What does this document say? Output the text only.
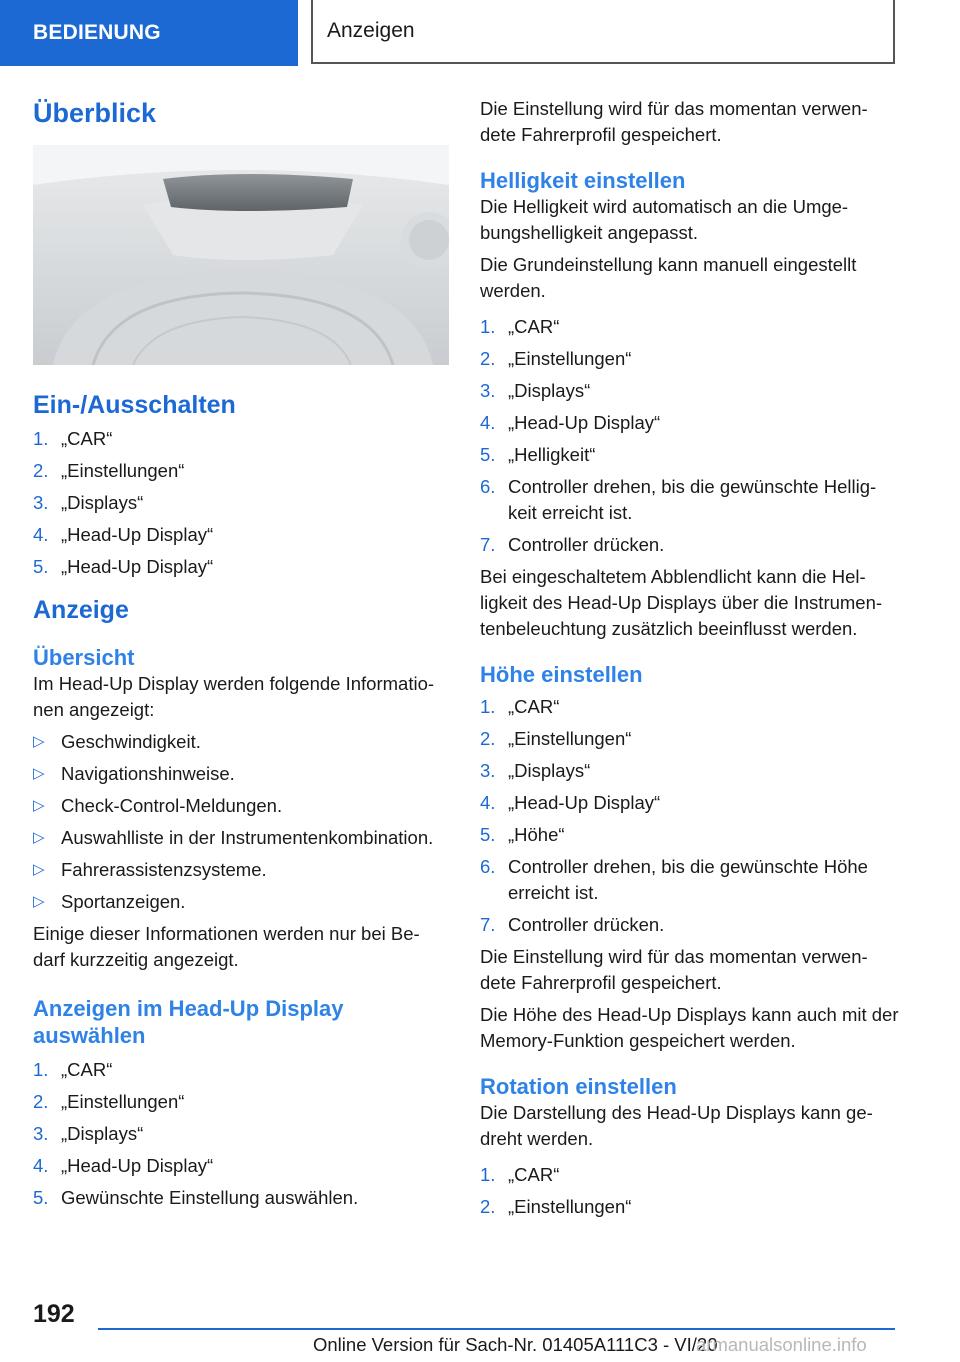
BEDIENUNG	Anzeigen
Überblick
Ein-/Ausschalten
1. „CAR“
2. „Einstellungen“
3. „Displays“
4. „Head-Up Display“
5. „Head-Up Display“
Anzeige
Übersicht

Im Head-Up Display werden folgende Informatio-nen angezeigt:

▷ Geschwindigkeit.
▷ Navigationshinweise.
▷ Check-Control-Meldungen.
▷ Auswahlliste in der Instrumentenkombination.
▷ Fahrerassistenzsysteme.
▷ Sportanzeigen.

Einige dieser Informationen werden nur bei Be-darf kurzzeitig angezeigt.

Anzeigen im Head-Up Display auswählen
1. „CAR“
2. „Einstellungen“
3. „Displays“
4. „Head-Up Display“
5. Gewünschte Einstellung auswählen.

Die Einstellung wird für das momentan verwen-dete Fahrerprofil gespeichert.

Helligkeit einstellen

Die Helligkeit wird automatisch an die Umge-bungshelligkeit angepasst.

Die Grundeinstellung kann manuell eingestellt werden.

1. „CAR“
2. „Einstellungen“
3. „Displays“
4. „Head-Up Display“
5. „Helligkeit“
6. Controller drehen, bis die gewünschte Hellig-keit erreicht ist.
7. Controller drücken.

Bei eingeschaltetem Abblendlicht kann die Hel-ligkeit des Head-Up Displays über die Instrumen-tenbeleuchtung zusätzlich beeinflusst werden.

Höhe einstellen
1. „CAR“
2. „Einstellungen“
3. „Displays“
4. „Head-Up Display“
5. „Höhe“
6. Controller drehen, bis die gewünschte Höhe erreicht ist.
7. Controller drücken.

Die Einstellung wird für das momentan verwen-dete Fahrerprofil gespeichert.

Die Höhe des Head-Up Displays kann auch mit der Memory-Funktion gespeichert werden.

Rotation einstellen

Die Darstellung des Head-Up Displays kann ge-dreht werden.

1. „CAR“
2. „Einstellungen“
192
Online Version für Sach-Nr. 01405A111C3 - VI/20
armanualsonline.info
